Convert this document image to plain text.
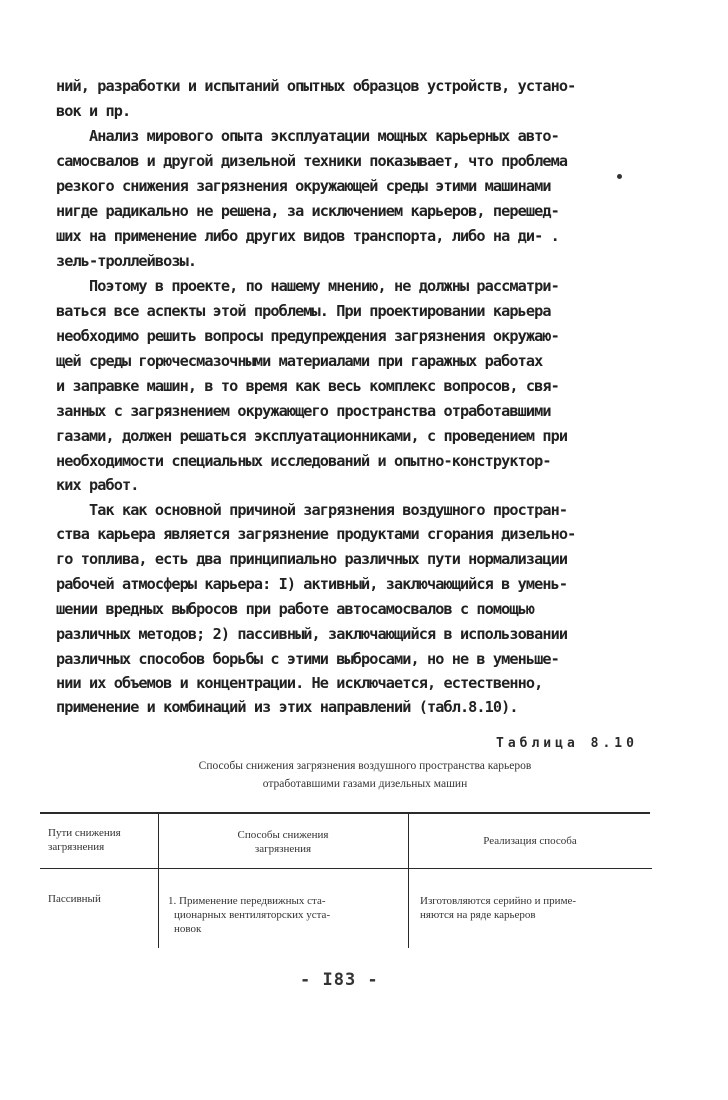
ний, разработки и испытаний опытных образцов устройств, устано-
вок и пр.
Анализ мирового опыта эксплуатации мощных карьерных авто-
самосвалов и другой дизельной техники показывает, что проблема
резкого снижения загрязнения окружающей среды этими машинами
нигде радикально не решена, за исключением карьеров, перешед-
ших на применение либо других видов транспорта, либо на ди- .
зель-троллейвозы.
Поэтому в проекте, по нашему мнению, не должны рассматри-
ваться все аспекты этой проблемы. При проектировании карьера
необходимо решить вопросы предупреждения загрязнения окружаю-
щей среды горючесмазочными материалами при гаражных работах
и заправке машин, в то время как весь комплекс вопросов, свя-
занных с загрязнением окружающего пространства отработавшими
газами, должен решаться эксплуатационниками, с проведением при
необходимости специальных исследований и опытно-конструктор-
ких работ.
Так как основной причиной загрязнения воздушного простран-
ства карьера является загрязнение продуктами сгорания дизельно-
го топлива, есть два принципиально различных пути нормализации
рабочей атмосферы карьера: I) активный, заключающийся в умень-
шении вредных выбросов при работе автосамосвалов с помощью
различных методов; 2) пассивный, заключающийся в использовании
различных способов борьбы с этими выбросами, но не в уменьше-
нии их объемов и концентрации. Не исключается, естественно,
применение и комбинаций из этих направлений (табл.8.10).
Таблица 8.10
Способы снижения загрязнения воздушного пространства карьеров
отработавшими газами дизельных машин
Пути снижения
загрязнения
Способы снижения
загрязнения
Реализация способа
Пассивный	1. Применение передвижных ста-
ционарных вентиляторских уста-
новок
Изготовляются серийно и приме-
няются на ряде карьеров
- I83 -
